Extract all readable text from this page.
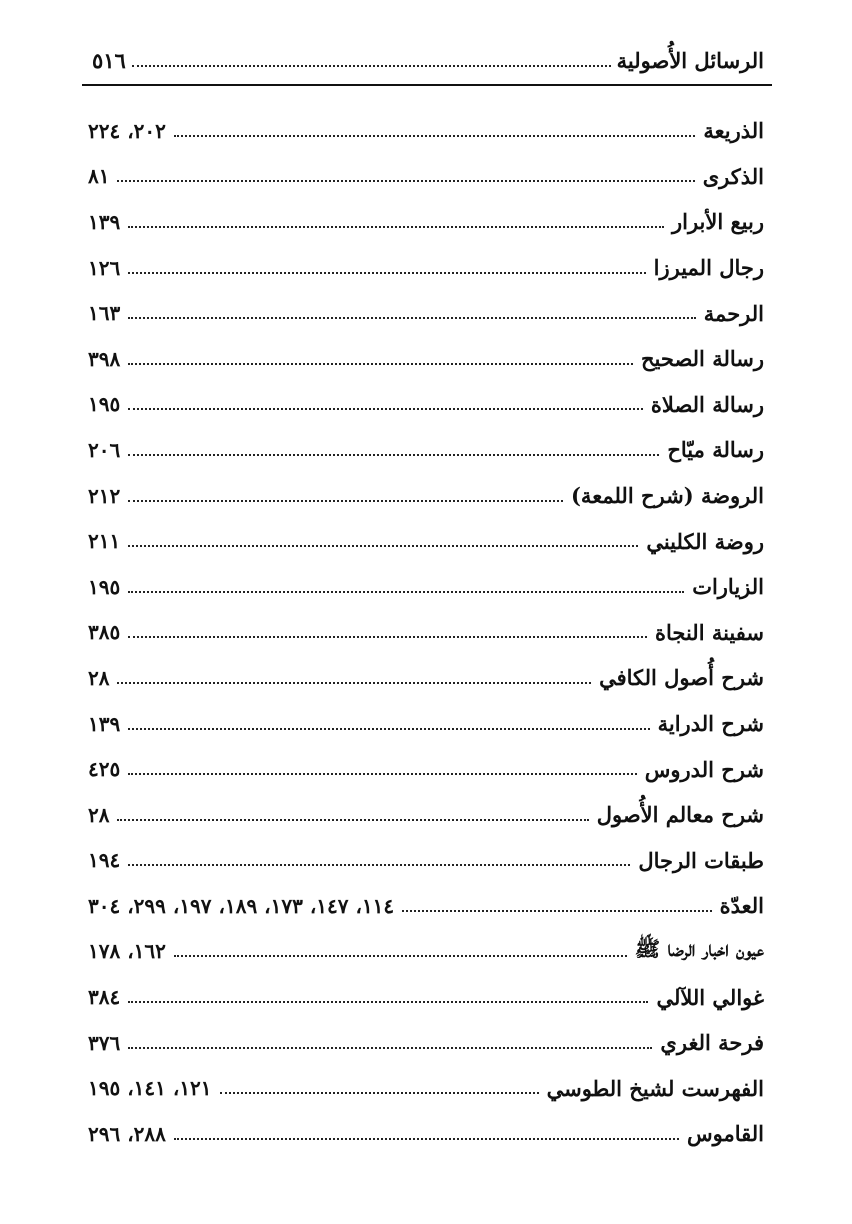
الرسائل الأُصولية
٥١٦
الذريعة
٢٠٢، ٢٢٤
الذكرى
٨١
ربيع الأبرار
١٣٩
رجال الميرزا
١٢٦
الرحمة
١٦٣
رسالة الصحيح
٣٩٨
رسالة الصلاة
١٩٥
رسالة ميّاح
٢٠٦
الروضة (شرح اللمعة)
٢١٢
روضة الكليني
٢١١
الزيارات
١٩٥
سفينة النجاة
٣٨٥
شرح أُصول الكافي
٢٨
شرح الدراية
١٣٩
شرح الدروس
٤٢٥
شرح معالم الأُصول
٢٨
طبقات الرجال
١٩٤
العدّة
١١٤، ١٤٧، ١٧٣، ١٨٩، ١٩٧، ٢٩٩، ٣٠٤
عيون اخبار الرضا ﷺ
١٦٢، ١٧٨
غوالي اللآلي
٣٨٤
فرحة الغري
٣٧٦
الفهرست لشيخ الطوسي
١٢١، ١٤١، ١٩٥
القاموس
٢٨٨، ٢٩٦
